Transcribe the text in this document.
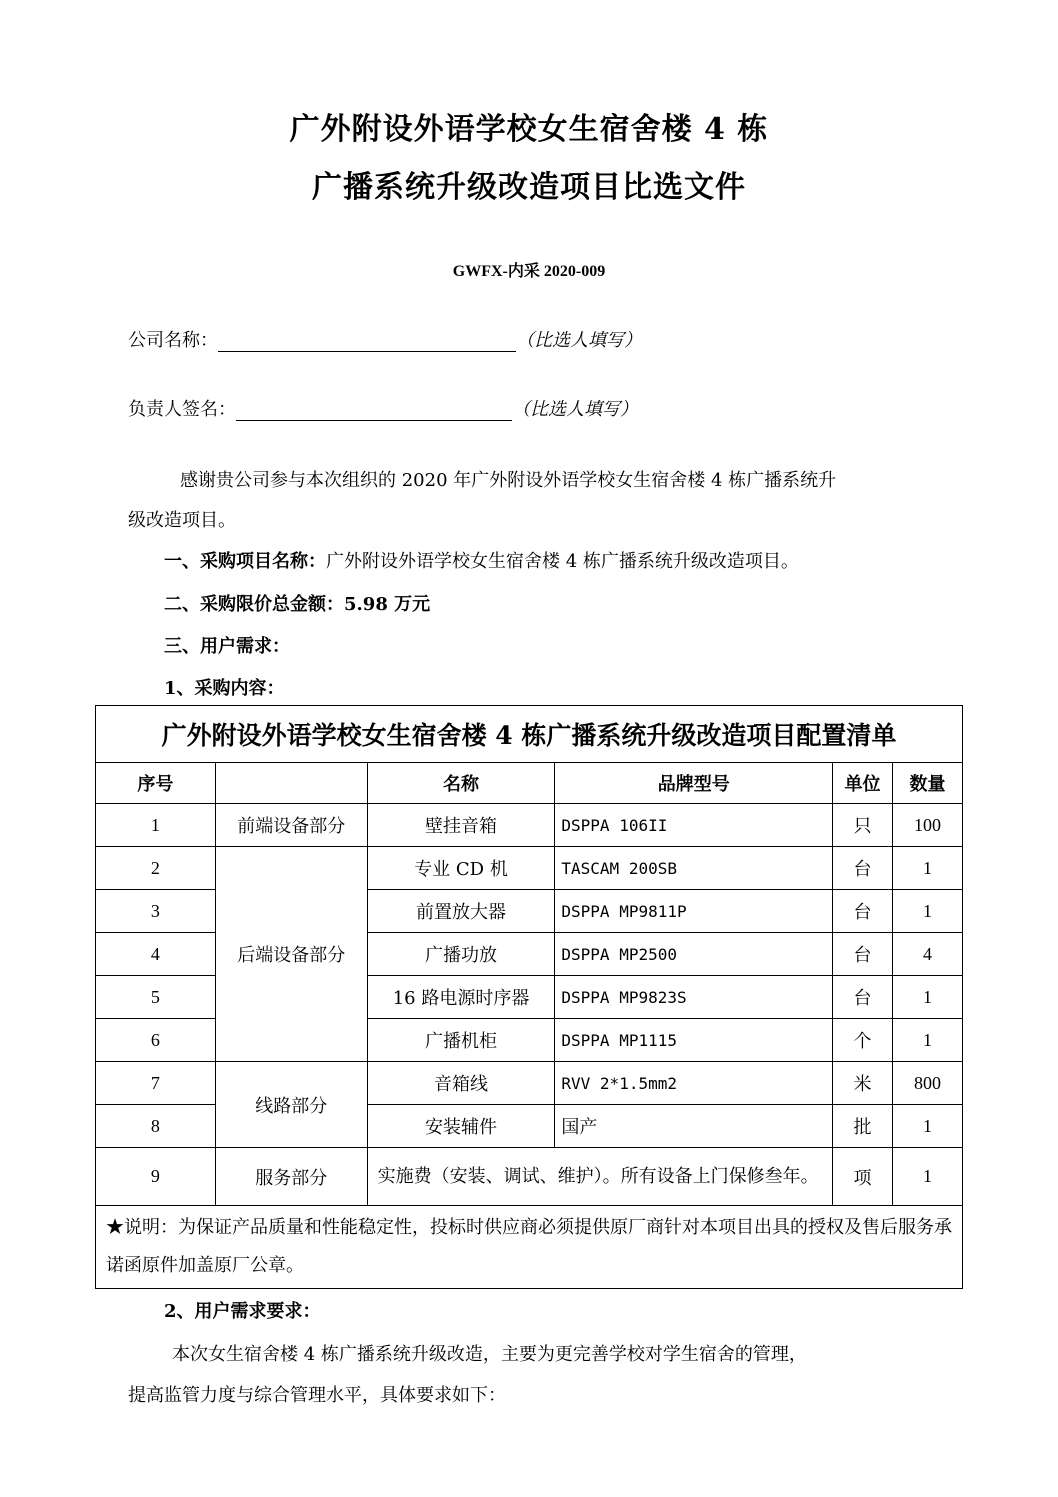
广外附设外语学校女生宿舍楼 4 栋
广播系统升级改造项目比选文件
GWFX-内采 2020-009
公司名称：	（比选人填写）
负责人签名：	（比选人填写）
感谢贵公司参与本次组织的 2020 年广外附设外语学校女生宿舍楼 4 栋广播系统升
级改造项目。
一、采购项目名称：广外附设外语学校女生宿舍楼 4 栋广播系统升级改造项目。
二、采购限价总金额：5.98 万元
三、用户需求：
1、采购内容：
广外附设外语学校女生宿舍楼 4 栋广播系统升级改造项目配置清单					
序号		名称	品牌型号	单位	数量
1	前端设备部分	壁挂音箱	DSPPA 106II	只	100
2	后端设备部分	专业 CD 机	TASCAM 200SB	台	1
3		前置放大器	DSPPA MP9811P	台	1
4		广播功放	DSPPA MP2500	台	4
5		16 路电源时序器	DSPPA MP9823S	台	1
6		广播机柜	DSPPA MP1115	个	1
7	线路部分	音箱线	RVV 2*1.5mm2	米	800
8		安装辅件	国产	批	1
9	服务部分	实施费（安装、调试、维护）。所有设备上门保修叁年。		项	1
★说明：为保证产品质量和性能稳定性，投标时供应商必须提供原厂商针对本项目出具的授权及售后服务承诺函原件加盖原厂公章。					
2、用户需求要求：
本次女生宿舍楼 4 栋广播系统升级改造，主要为更完善学校对学生宿舍的管理，
提高监管力度与综合管理水平，具体要求如下：
